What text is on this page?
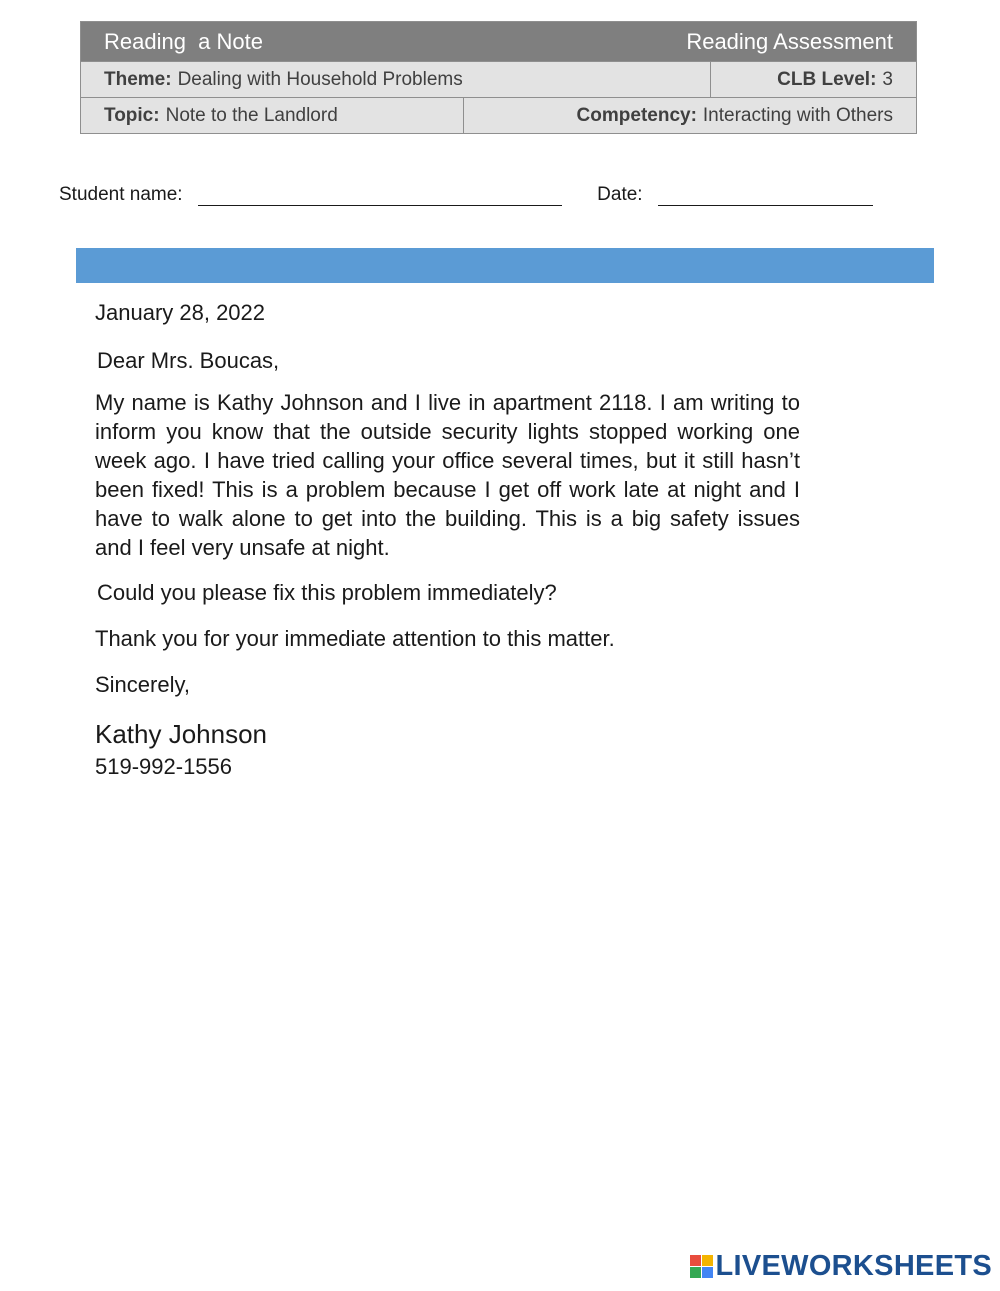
Reading  a Note	Reading Assessment
Theme: Dealing with Household Problems	CLB Level: 3
Topic: Note to the Landlord	Competency: Interacting with Others
Student name:	Date:

January 28, 2022

Dear Mrs. Boucas,

My name is Kathy Johnson and I live in apartment 2118. I am writing to inform you know that the outside security lights stopped working one week ago. I have tried calling your office several times, but it still hasn’t been fixed! This is a problem because I get off work late at night and I have to walk alone to get into the building. This is a big safety issues and I feel very unsafe at night.

Could you please fix this problem immediately?

Thank you for your immediate attention to this matter.

Sincerely,

Kathy Johnson

519-992-1556

LIVEWORKSHEETS
